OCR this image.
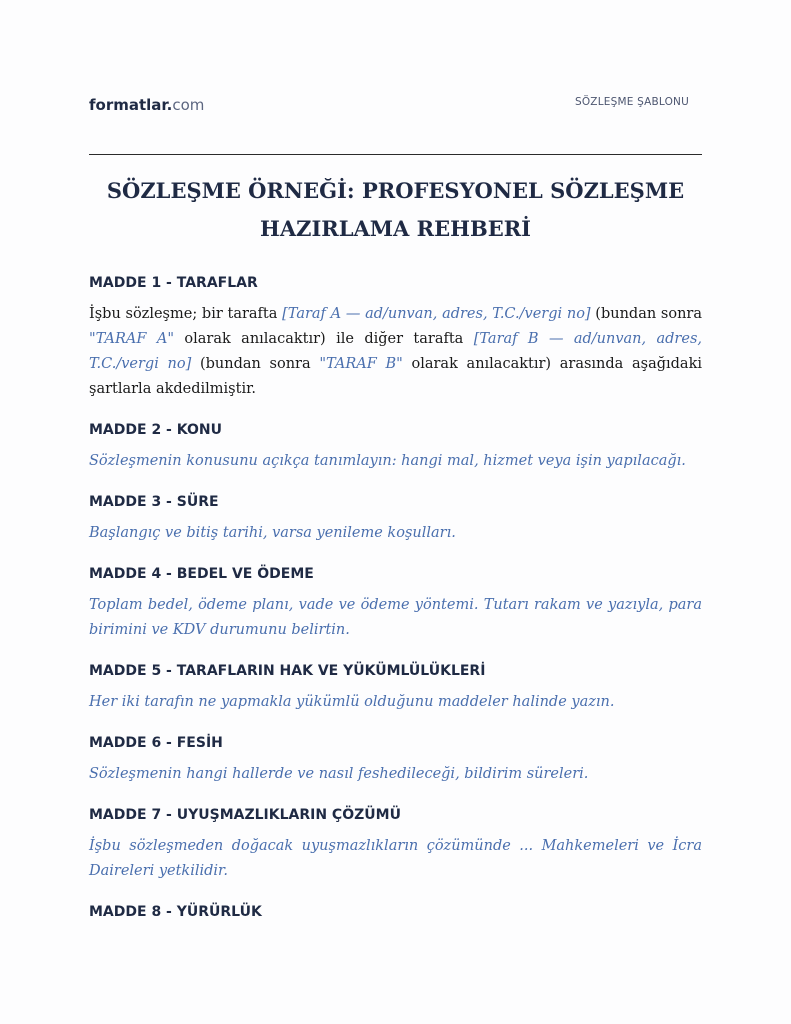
formatlar.com	SÖZLEŞME ŞABLONU
SÖZLEŞME ÖRNEĞİ: PROFESYONEL SÖZLEŞME HAZIRLAMA REHBERİ

MADDE 1 - TARAFLAR

İşbu sözleşme; bir tarafta [Taraf A — ad/unvan, adres, T.C./vergi no] (bundan sonra "TARAF A" olarak anılacaktır) ile diğer tarafta [Taraf B — ad/unvan, adres, T.C./vergi no] (bundan sonra "TARAF B" olarak anılacaktır) arasında aşağıdaki şartlarla akdedilmiştir.

MADDE 2 - KONU

Sözleşmenin konusunu açıkça tanımlayın: hangi mal, hizmet veya işin yapılacağı.

MADDE 3 - SÜRE

Başlangıç ve bitiş tarihi, varsa yenileme koşulları.

MADDE 4 - BEDEL VE ÖDEME

Toplam bedel, ödeme planı, vade ve ödeme yöntemi. Tutarı rakam ve yazıyla, para birimini ve KDV durumunu belirtin.

MADDE 5 - TARAFLARIN HAK VE YÜKÜMLÜLÜKLERİ

Her iki tarafın ne yapmakla yükümlü olduğunu maddeler halinde yazın.

MADDE 6 - FESİH

Sözleşmenin hangi hallerde ve nasıl feshedileceği, bildirim süreleri.

MADDE 7 - UYUŞMAZLIKLARIN ÇÖZÜMÜ

İşbu sözleşmeden doğacak uyuşmazlıkların çözümünde ... Mahkemeleri ve İcra Daireleri yetkilidir.

MADDE 8 - YÜRÜRLÜK
